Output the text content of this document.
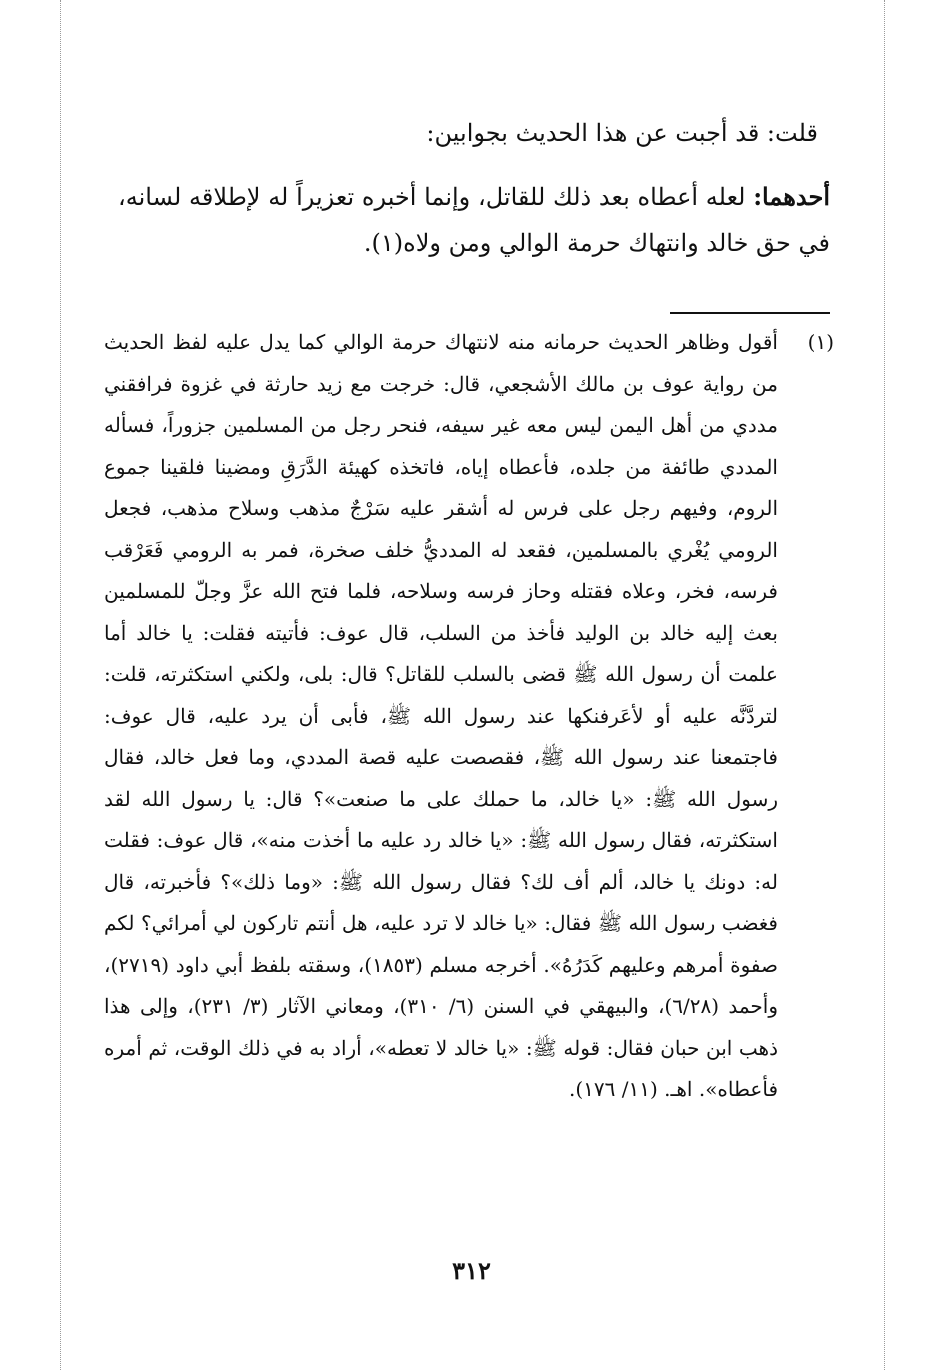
قلت: قد أجبت عن هذا الحديث بجوابين:

أحدهما: لعله أعطاه بعد ذلك للقاتل، وإنما أخبره تعزيراً له لإطلاقه لسانه، في حق خالد وانتهاك حرمة الوالي ومن ولاه(١).

(١)
أقول وظاهر الحديث حرمانه منه لانتهاك حرمة الوالي كما يدل عليه لفظ الحديث من رواية عوف بن مالك الأشجعي، قال: خرجت مع زيد حارثة في غزوة فرافقني مددي من أهل اليمن ليس معه غير سيفه، فنحر رجل من المسلمين جزوراً، فسأله المددي طائفة من جلده، فأعطاه إياه، فاتخذه كهيئة الدَّرَقِ ومضينا فلقينا جموع الروم، وفيهم رجل على فرس له أشقر عليه سَرْجٌ مذهب وسلاح مذهب، فجعل الرومي يُغْري بالمسلمين، فقعد له المدديُّ خلف صخرة، فمر به الرومي فَعَرْقب فرسه، فخر، وعلاه فقتله وحاز فرسه وسلاحه، فلما فتح الله عزَّ وجلّ للمسلمين بعث إليه خالد بن الوليد فأخذ من السلب، قال عوف: فأتيته فقلت: يا خالد أما علمت أن رسول الله ﷺ قضى بالسلب للقاتل؟ قال: بلى، ولكني استكثرته، قلت: لتردَّنَّه عليه أو لأعَرفنكها عند رسول الله ﷺ، فأبى أن يرد عليه، قال عوف: فاجتمعنا عند رسول الله ﷺ، فقصصت عليه قصة المددي، وما فعل خالد، فقال رسول الله ﷺ: «يا خالد، ما حملك على ما صنعت»؟ قال: يا رسول الله لقد استكثرته، فقال رسول الله ﷺ: «يا خالد رد عليه ما أخذت منه»، قال عوف: فقلت له: دونك يا خالد، ألم أف لك؟ فقال رسول الله ﷺ: «وما ذلك»؟ فأخبرته، قال فغضب رسول الله ﷺ فقال: «يا خالد لا ترد عليه، هل أنتم تاركون لي أمرائي؟ لكم صفوة أمرهم وعليهم كَدَرُهُ». أخرجه مسلم (١٨٥٣)، وسقته بلفظ أبي داود (٢٧١٩)، وأحمد (٦/٢٨)، والبيهقي في السنن (٦/ ٣١٠)، ومعاني الآثار (٣/ ٢٣١)، وإلى هذا ذهب ابن حبان فقال: قوله ﷺ: «يا خالد لا تعطه»، أراد به في ذلك الوقت، ثم أمره فأعطاه». اهـ. (١١/ ١٧٦).

٣١٢
